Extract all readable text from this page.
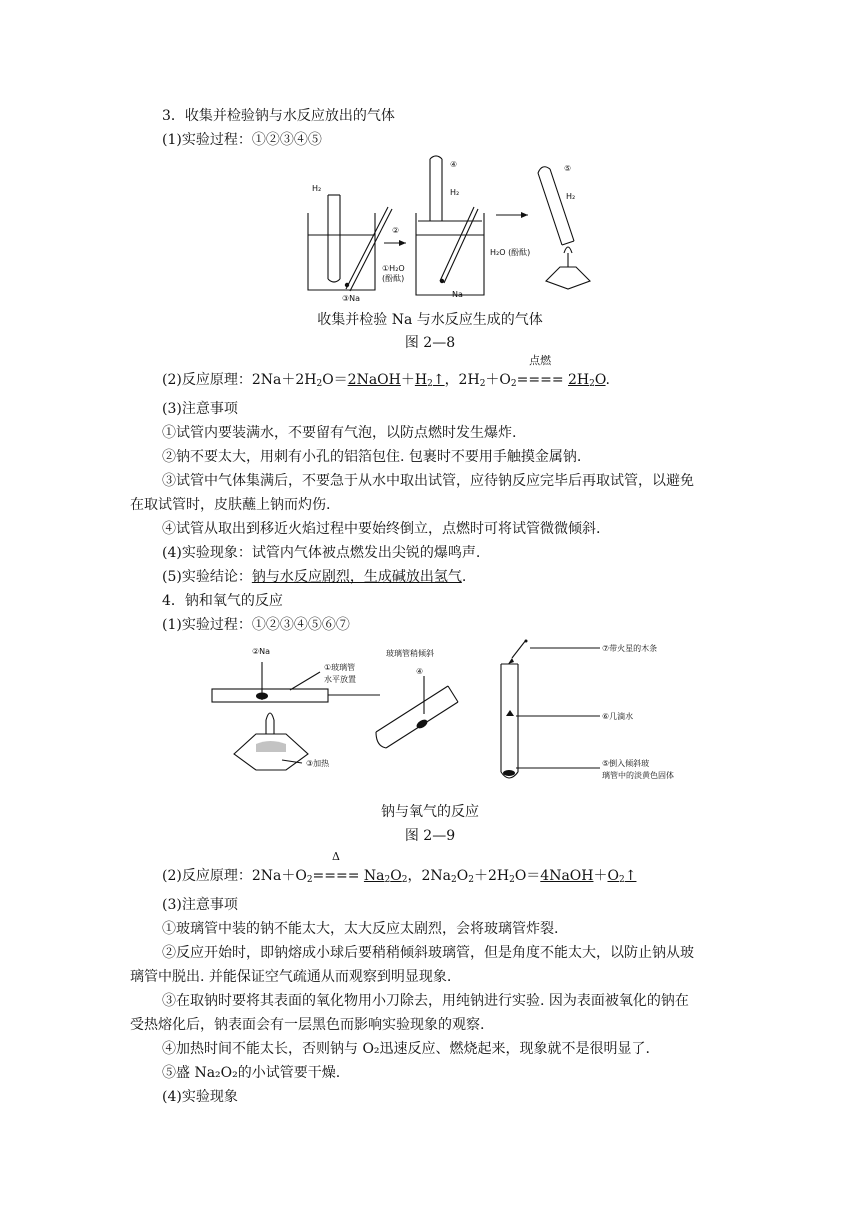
3．收集并检验钠与水反应放出的气体
(1)实验过程：①②③④⑤
H₂
②
①H₂O
(酚酞)
③Na
④
H₂
H₂O (酚酞)
Na
⑤
H₂
收集并检验 Na 与水反应生成的气体
图 2—8
(2)反应原理：$2Na+2H_2O=2NaOH+H_2↑$，$2H_2+O_2$
点燃
==== $2H_2O$.
(3)注意事项
①试管内要装满水，不要留有气泡，以防点燃时发生爆炸.
②钠不要太大，用刺有小孔的铝箔包住. 包裹时不要用手触摸金属钠.
③试管中气体集满后，不要急于从水中取出试管，应待钠反应完毕后再取试管，以避免
在取试管时，皮肤蘸上钠而灼伤.
④试管从取出到移近火焰过程中要始终倒立，点燃时可将试管微微倾斜.
(4)实验现象：试管内气体被点燃发出尖锐的爆鸣声.
(5)实验结论：钠与水反应剧烈，生成碱放出氢气.
4．钠和氧气的反应
(1)实验过程：①②③④⑤⑥⑦
②Na
①玻璃管
水平放置
③加热
玻璃管稍倾斜
④
⑦带火星的木条
⑥几滴水
⑤倒入倾斜玻
璃管中的淡黄色固体
钠与氧气的反应
图 2—9
(2)反应原理：$2Na+O_2$
Δ
==== $Na_2O_2$，$2Na_2O_2+2H_2O=4NaOH+O_2↑$
(3)注意事项
①玻璃管中装的钠不能太大，太大反应太剧烈，会将玻璃管炸裂.
②反应开始时，即钠熔成小球后要稍稍倾斜玻璃管，但是角度不能太大，以防止钠从玻
璃管中脱出. 并能保证空气疏通从而观察到明显现象.
③在取钠时要将其表面的氧化物用小刀除去，用纯钠进行实验. 因为表面被氧化的钠在
受热熔化后，钠表面会有一层黑色而影响实验现象的观察.
④加热时间不能太长，否则钠与 O₂迅速反应、燃烧起来，现象就不是很明显了.
⑤盛 Na₂O₂的小试管要干燥.
(4)实验现象
